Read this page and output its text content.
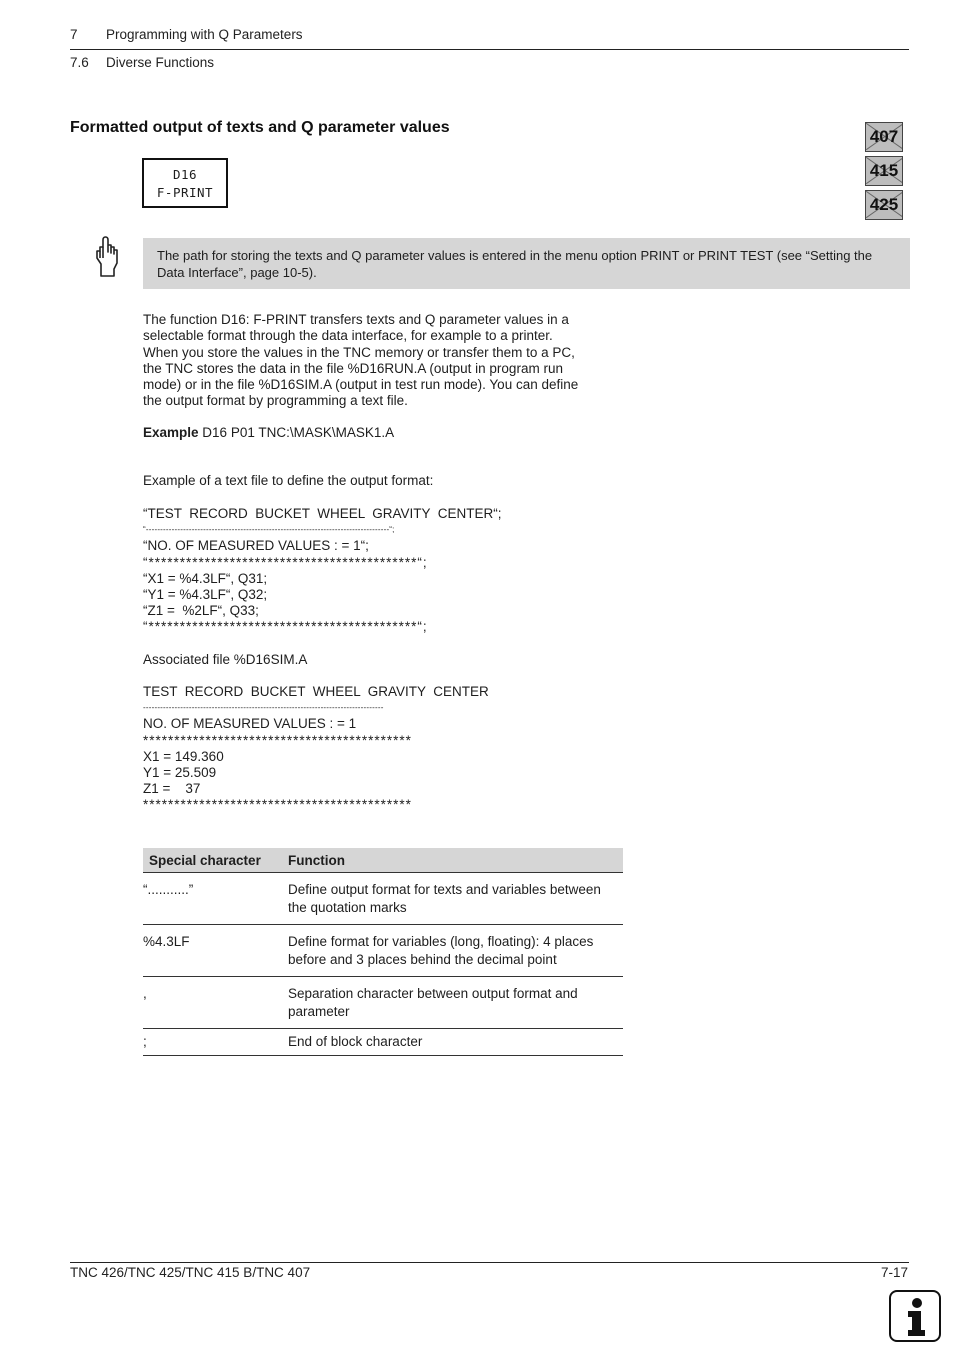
7 Programming with Q Parameters
7.6 Diverse Functions
Formatted output of texts and Q parameter values
D16
F-PRINT
407
415
425
The path for storing the texts and Q parameter values is entered in the menu option PRINT or PRINT TEST (see “Setting the Data Interface”, page 10-5).
The function D16: F-PRINT transfers texts and Q parameter values in a
selectable format through the data interface, for example to a printer.
When you store the values in the TNC memory or transfer them to a PC,
the TNC stores the data in the file %D16RUN.A (output in program run
mode) or in the file %D16SIM.A (output in test run mode). You can define
the output format by programming a text file.
Example D16 P01 TNC:\MASK\MASK1.A
Example of a text file to define the output format:
“TEST  RECORD  BUCKET  WHEEL  GRAVITY  CENTER“;
“-------------------------------------------------------------------------------------“;
“NO. OF MEASURED VALUES : = 1“;
“*******************************************“;
“X1 = %4.3LF“, Q31;
“Y1 = %4.3LF“, Q32;
“Z1 =  %2LF“, Q33;
“*******************************************“;
Associated file %D16SIM.A
TEST  RECORD  BUCKET  WHEEL  GRAVITY  CENTER
------------------------------------------------------------------------------------
NO. OF MEASURED VALUES : = 1
*******************************************
X1 = 149.360
Y1 = 25.509
Z1 =    37
*******************************************
Special character	Function
“...........”	Define output format for texts and variables between the quotation marks
%4.3LF	Define format for variables (long, floating): 4 places before and 3 places behind the decimal point
,	Separation character between output format and parameter
;	End of block character
TNC 426/TNC 425/TNC 415 B/TNC 407	7-17
